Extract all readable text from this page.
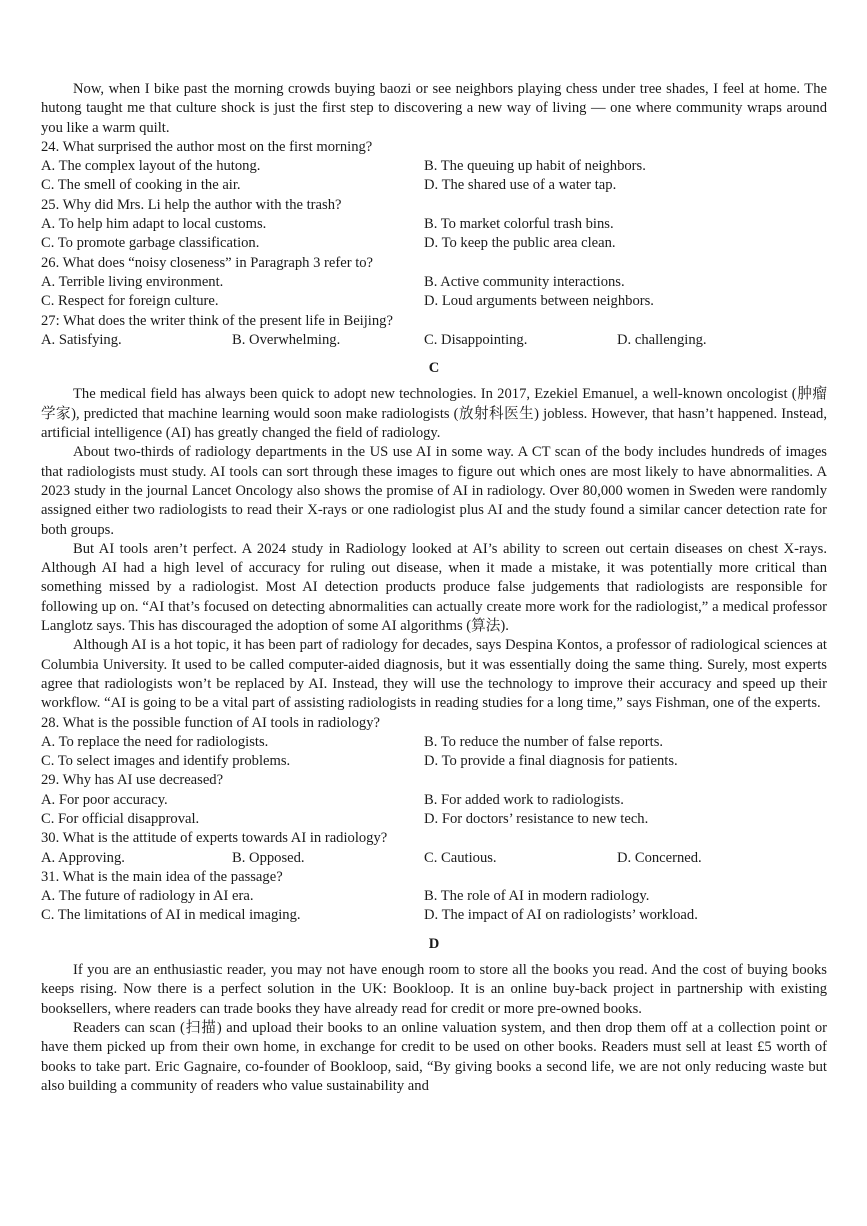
Now, when I bike past the morning crowds buying baozi or see neighbors playing chess under tree shades, I feel at home. The hutong taught me that culture shock is just the first step to discovering a new way of living — one where community wraps around you like a warm quilt.

24. What surprised the author most on the first morning?
A. The complex layout of the hutong.	B. The queuing up habit of neighbors.
C. The smell of cooking in the air.	D. The shared use of a water tap.
25. Why did Mrs. Li help the author with the trash?
A. To help him adapt to local customs.	B. To market colorful trash bins.
C. To promote garbage classification.	D. To keep the public area clean.
26. What does “noisy closeness” in Paragraph 3 refer to?
A. Terrible living environment.	B. Active community interactions.
C. Respect for foreign culture.	D. Loud arguments between neighbors.
27: What does the writer think of the present life in Beijing?
A. Satisfying.	B. Overwhelming.	C. Disappointing.	D. challenging.
C

The medical field has always been quick to adopt new technologies. In 2017, Ezekiel Emanuel, a well-known oncologist (肿瘤学家), predicted that machine learning would soon make radiologists (放射科医生) jobless. However, that hasn’t happened. Instead, artificial intelligence (AI) has greatly changed the field of radiology.

About two-thirds of radiology departments in the US use AI in some way. A CT scan of the body includes hundreds of images that radiologists must study. AI tools can sort through these images to figure out which ones are most likely to have abnormalities. A 2023 study in the journal Lancet Oncology also shows the promise of AI in radiology. Over 80,000 women in Sweden were randomly assigned either two radiologists to read their X-rays or one radiologist plus AI and the study found a similar cancer detection rate for both groups.

But AI tools aren’t perfect. A 2024 study in Radiology looked at AI’s ability to screen out certain diseases on chest X-rays. Although AI had a high level of accuracy for ruling out disease, when it made a mistake, it was potentially more critical than something missed by a radiologist. Most AI detection products produce false judgements that radiologists are responsible for following up on. “AI that’s focused on detecting abnormalities can actually create more work for the radiologist,” a medical professor Langlotz says. This has discouraged the adoption of some AI algorithms (算法).

Although AI is a hot topic, it has been part of radiology for decades, says Despina Kontos, a professor of radiological sciences at Columbia University. It used to be called computer-aided diagnosis, but it was essentially doing the same thing. Surely, most experts agree that radiologists won’t be replaced by AI. Instead, they will use the technology to improve their accuracy and speed up their workflow. “AI is going to be a vital part of assisting radiologists in reading studies for a long time,” says Fishman, one of the experts.

28. What is the possible function of AI tools in radiology?
A. To replace the need for radiologists.	B. To reduce the number of false reports.
C. To select images and identify problems.	D. To provide a final diagnosis for patients.
29. Why has AI use decreased?
A. For poor accuracy.	B. For added work to radiologists.
C. For official disapproval.	D. For doctors’ resistance to new tech.
30. What is the attitude of experts towards AI in radiology?
A. Approving.	B. Opposed.	C. Cautious.	D. Concerned.
31. What is the main idea of the passage?
A. The future of radiology in AI era.	B. The role of AI in modern radiology.
C. The limitations of AI in medical imaging.	D. The impact of AI on radiologists’ workload.
D

If you are an enthusiastic reader, you may not have enough room to store all the books you read. And the cost of buying books keeps rising. Now there is a perfect solution in the UK: Bookloop. It is an online buy-back project in partnership with existing booksellers, where readers can trade books they have already read for credit or more pre-owned books.

Readers can scan (扫描) and upload their books to an online valuation system, and then drop them off at a collection point or have them picked up from their own home, in exchange for credit to be used on other books. Readers must sell at least £5 worth of books to take part. Eric Gagnaire, co-founder of Bookloop, said, “By giving books a second life, we are not only reducing waste but also building a community of readers who value sustainability and
